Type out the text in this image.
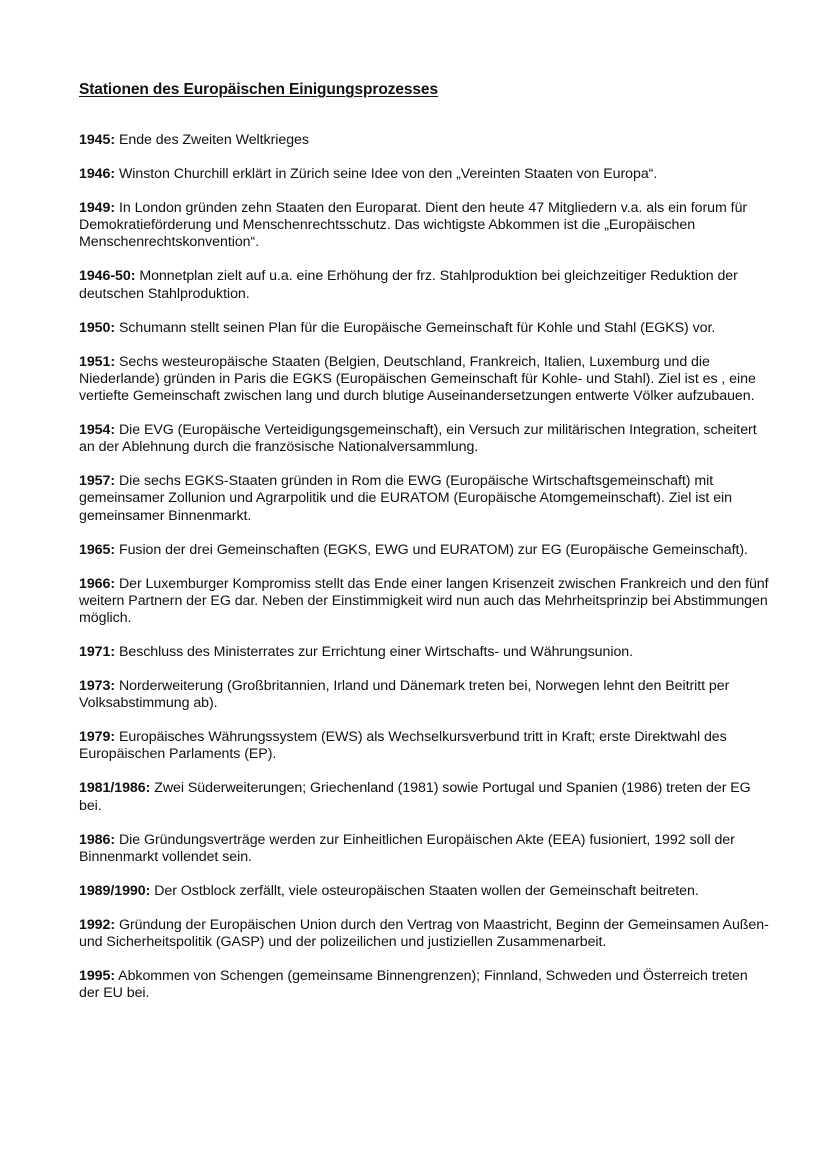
Stationen des Europäischen Einigungsprozesses

1945: Ende des Zweiten Weltkrieges

1946: Winston Churchill erklärt in Zürich seine Idee von den „Vereinten Staaten von Europa“.

1949: In London gründen zehn Staaten den Europarat. Dient den heute 47 Mitgliedern v.a. als ein forum für Demokratieförderung und Menschenrechtsschutz. Das wichtigste Abkommen ist die „Europäischen Menschenrechtskonvention“.

1946-50: Monnetplan zielt auf u.a. eine Erhöhung der frz. Stahlproduktion bei gleichzeitiger Reduktion der deutschen Stahlproduktion.

1950: Schumann stellt seinen Plan für die Europäische Gemeinschaft für Kohle und Stahl (EGKS) vor.

1951: Sechs westeuropäische Staaten (Belgien, Deutschland, Frankreich, Italien, Luxemburg und die Niederlande) gründen in Paris die EGKS (Europäischen Gemeinschaft für Kohle- und Stahl). Ziel ist es , eine vertiefte Gemeinschaft zwischen lang und durch blutige Auseinandersetzungen entwerte Völker aufzubauen.

1954: Die EVG (Europäische Verteidigungsgemeinschaft), ein Versuch zur militärischen Integration, scheitert an der Ablehnung durch die französische Nationalversammlung.

1957: Die sechs EGKS-Staaten gründen in Rom die EWG (Europäische Wirtschaftsgemeinschaft) mit gemeinsamer Zollunion und Agrarpolitik und die EURATOM (Europäische Atomgemeinschaft). Ziel ist ein gemeinsamer Binnenmarkt.

1965: Fusion der drei Gemeinschaften (EGKS, EWG und EURATOM) zur EG (Europäische Gemeinschaft).

1966: Der Luxemburger Kompromiss stellt das Ende einer langen Krisenzeit zwischen Frankreich und den fünf weitern Partnern der EG dar. Neben der Einstimmigkeit wird nun auch das Mehrheitsprinzip bei Abstimmungen möglich.

1971: Beschluss des Ministerrates zur Errichtung einer Wirtschafts- und Währungsunion.

1973: Norderweiterung (Großbritannien, Irland und Dänemark treten bei, Norwegen lehnt den Beitritt per Volksabstimmung ab).

1979: Europäisches Währungssystem (EWS) als Wechselkursverbund tritt in Kraft; erste Direktwahl des Europäischen Parlaments (EP).

1981/1986: Zwei Süderweiterungen; Griechenland (1981) sowie Portugal und Spanien (1986) treten der EG bei.

1986: Die Gründungsverträge werden zur Einheitlichen Europäischen Akte (EEA) fusioniert, 1992 soll der Binnenmarkt vollendet sein.

1989/1990: Der Ostblock zerfällt, viele osteuropäischen Staaten wollen der Gemeinschaft beitreten.

1992: Gründung der Europäischen Union durch den Vertrag von Maastricht, Beginn der Gemeinsamen Außen- und Sicherheitspolitik (GASP) und der polizeilichen und justiziellen Zusammenarbeit.

1995: Abkommen von Schengen (gemeinsame Binnengrenzen); Finnland, Schweden und Österreich treten der EU bei.
